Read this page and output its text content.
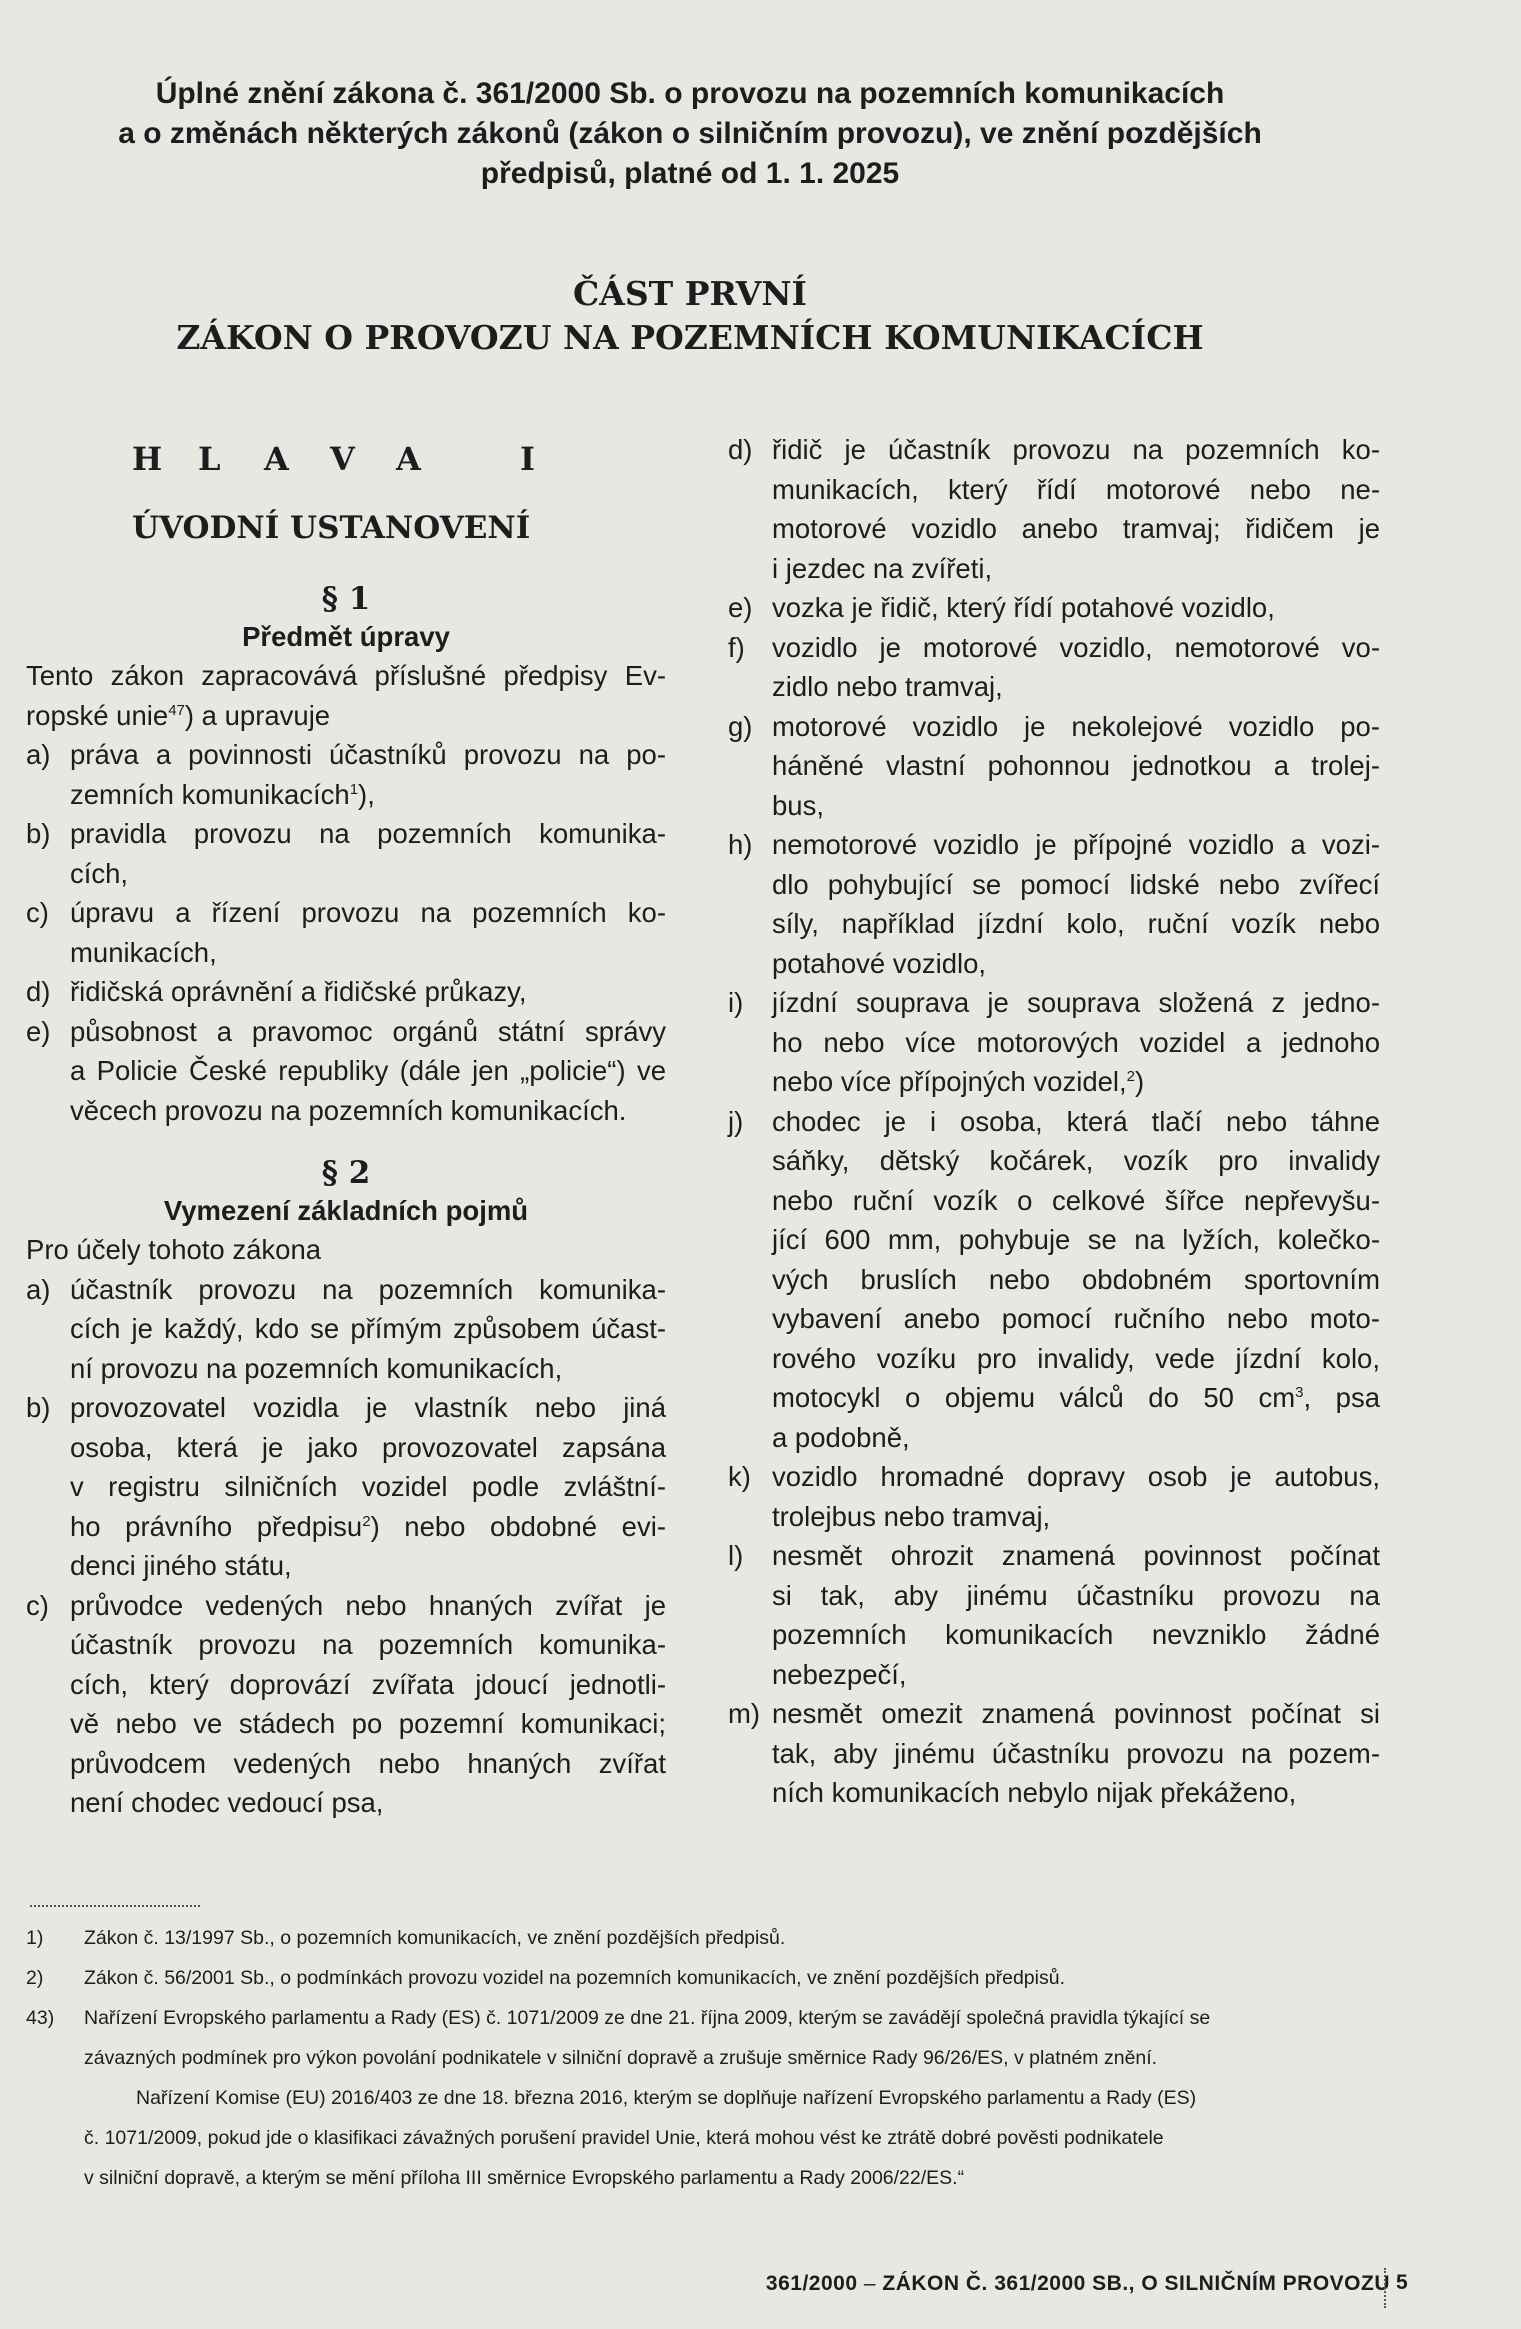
Úplné znění zákona č. 361/2000 Sb. o provozu na pozemních komunikacích
a o změnách některých zákonů (zákon o silničním provozu), ve znění pozdějších
předpisů, platné od 1. 1. 2025
ČÁST PRVNÍ
ZÁKON O PROVOZU NA POZEMNÍCH KOMUNIKACÍCH
H L A V A	I
ÚVODNÍ USTANOVENÍ
§ 1
Předmět úpravy
Tento zákon zapracovává příslušné předpisy Ev-
ropské unie$^{47}$) a upravuje
a) práva a povinnosti účastníků provozu na po-
zemních komunikacích$^1$),
b) pravidla provozu na pozemních komunika-
cích,
c) úpravu a řízení provozu na pozemních ko-
munikacích,
d) řidičská oprávnění a řidičské průkazy,
e) působnost a pravomoc orgánů státní správy
a Policie České republiky (dále jen „policie“) ve
věcech provozu na pozemních komunikacích.
§ 2
Vymezení základních pojmů
Pro účely tohoto zákona
a) účastník provozu na pozemních komunika-
cích je každý, kdo se přímým způsobem účast-
ní provozu na pozemních komunikacích,
b) provozovatel vozidla je vlastník nebo jiná
osoba, která je jako provozovatel zapsána
v registru silničních vozidel podle zvláštní-
ho právního předpisu$^2$) nebo obdobné evi-
denci jiného státu,
c) průvodce vedených nebo hnaných zvířat je
účastník provozu na pozemních komunika-
cích, který doprovází zvířata jdoucí jednotli-
vě nebo ve stádech po pozemní komunikaci;
průvodcem vedených nebo hnaných zvířat
není chodec vedoucí psa,
d) řidič je účastník provozu na pozemních ko-
munikacích, který řídí motorové nebo ne-
motorové vozidlo anebo tramvaj; řidičem je
i jezdec na zvířeti,
e) vozka je řidič, který řídí potahové vozidlo,
f) vozidlo je motorové vozidlo, nemotorové vo-
zidlo nebo tramvaj,
g) motorové vozidlo je nekolejové vozidlo po-
háněné vlastní pohonnou jednotkou a trolej-
bus,
h) nemotorové vozidlo je přípojné vozidlo a vozi-
dlo pohybující se pomocí lidské nebo zvířecí
síly, například jízdní kolo, ruční vozík nebo
potahové vozidlo,
i)	jízdní souprava je souprava složená z jedno-
ho nebo více motorových vozidel a jednoho
nebo více přípojných vozidel,$^2$)
j)	chodec je i osoba, která tlačí nebo táhne
sáňky, dětský kočárek, vozík pro invalidy
nebo ruční vozík o celkové šířce nepřevyšu-
jící 600 mm, pohybuje se na lyžích, kolečko-
vých bruslích nebo obdobném sportovním
vybavení anebo pomocí ručního nebo moto-
rového vozíku pro invalidy, vede jízdní kolo,
motocykl o objemu válců do 50 $cm^3$, psa
a podobně,
k) vozidlo hromadné dopravy osob je autobus,
trolejbus nebo tramvaj,
l)	nesmět ohrozit znamená povinnost počínat
si tak, aby jinému účastníku provozu na
pozemních komunikacích nevzniklo žádné
nebezpečí,
m) nesmět omezit znamená povinnost počínat si
tak, aby jinému účastníku provozu na pozem-
ních komunikacích nebylo nijak překáženo,
1)	Zákon č. 13/1997 Sb., o pozemních komunikacích, ve znění pozdějších předpisů.
2)	Zákon č. 56/2001 Sb., o podmínkách provozu vozidel na pozemních komunikacích, ve znění pozdějších předpisů.
43)	Nařízení Evropského parlamentu a Rady (ES) č. 1071/2009 ze dne 21. října 2009, kterým se zavádějí společná pravidla týkající se
závazných podmínek pro výkon povolání podnikatele v silniční dopravě a zrušuje směrnice Rady 96/26/ES, v platném znění.
Nařízení Komise (EU) 2016/403 ze dne 18. března 2016, kterým se doplňuje nařízení Evropského parlamentu a Rady (ES)
č. 1071/2009, pokud jde o klasifikaci závažných porušení pravidel Unie, která mohou vést ke ztrátě dobré pověsti podnikatele
v silniční dopravě, a kterým se mění příloha III směrnice Evropského parlamentu a Rady 2006/22/ES.“
361/2000 – ZÁKON Č. 361/2000 SB., O SILNIČNÍM PROVOZU 5
